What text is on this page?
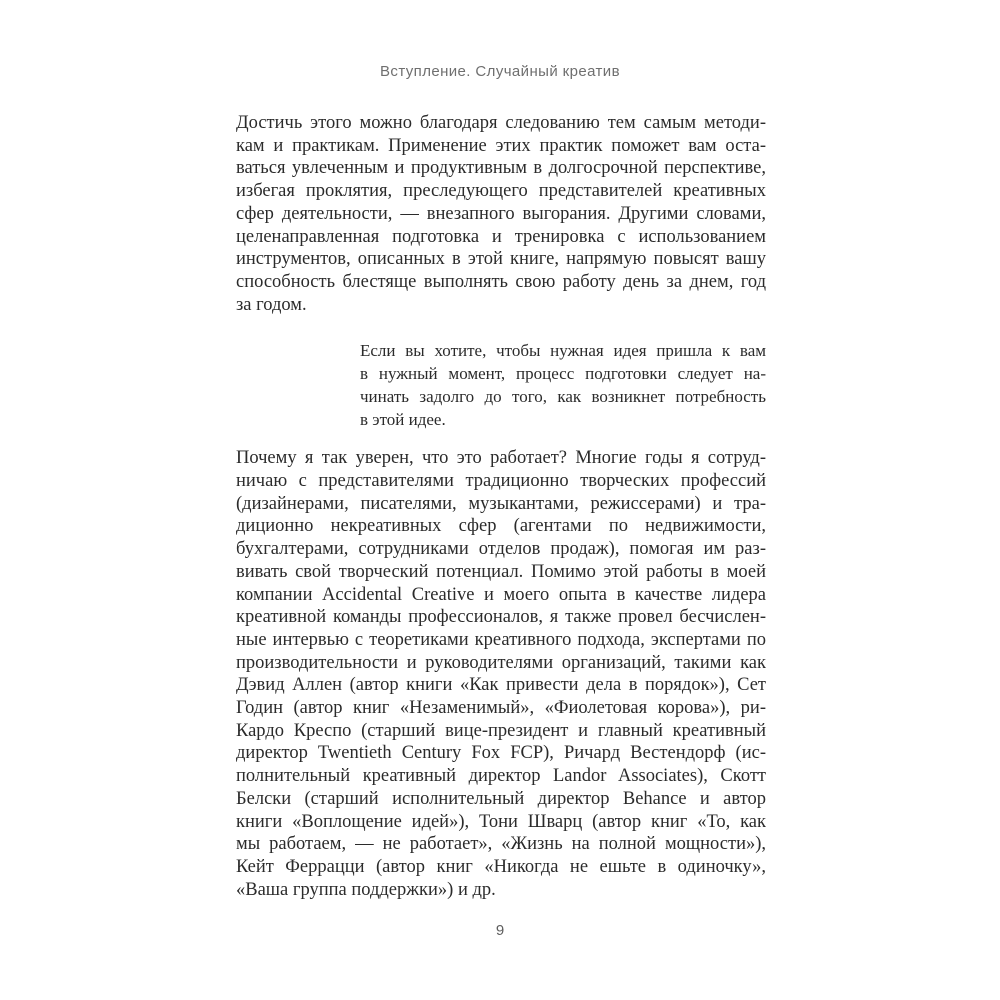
Вступление. Случайный креатив
Достичь этого можно благодаря следованию тем самым методи-
кам и практикам. Применение этих практик поможет вам оста-
ваться увлеченным и продуктивным в долгосрочной перспективе,
избегая проклятия, преследующего представителей креативных
сфер деятельности, — внезапного выгорания. Другими словами,
целенаправленная подготовка и тренировка с использованием
инструментов, описанных в этой книге, напрямую повысят вашу
способность блестяще выполнять свою работу день за днем, год
за годом.
Если вы хотите, чтобы нужная идея пришла к вам
в нужный момент, процесс подготовки следует на-
чинать задолго до того, как возникнет потребность
в этой идее.
Почему я так уверен, что это работает? Многие годы я сотруд-
ничаю с представителями традиционно творческих профессий
(дизайнерами, писателями, музыкантами, режиссерами) и тра-
диционно некреативных сфер (агентами по недвижимости,
бухгалтерами, сотрудниками отделов продаж), помогая им раз-
вивать свой творческий потенциал. Помимо этой работы в моей
компании Accidental Creative и моего опыта в качестве лидера
креативной команды профессионалов, я также провел бесчислен-
ные интервью с теоретиками креативного подхода, экспертами по
производительности и руководителями организаций, такими как
Дэвид Аллен (автор книги «Как привести дела в порядок»), Сет
Годин (автор книг «Незаменимый», «Фиолетовая корова»), ри-
Кардо Креспо (старший вице-президент и главный креативный
директор Twentieth Century Fox FCP), Ричард Вестендорф (ис-
полнительный креативный директор Landor Associates), Скотт
Белски (старший исполнительный директор Behance и автор
книги «Воплощение идей»), Тони Шварц (автор книг «То, как
мы работаем, — не работает», «Жизнь на полной мощности»),
Кейт Феррацци (автор книг «Никогда не ешьте в одиночку»,
«Ваша группа поддержки») и др.
9
